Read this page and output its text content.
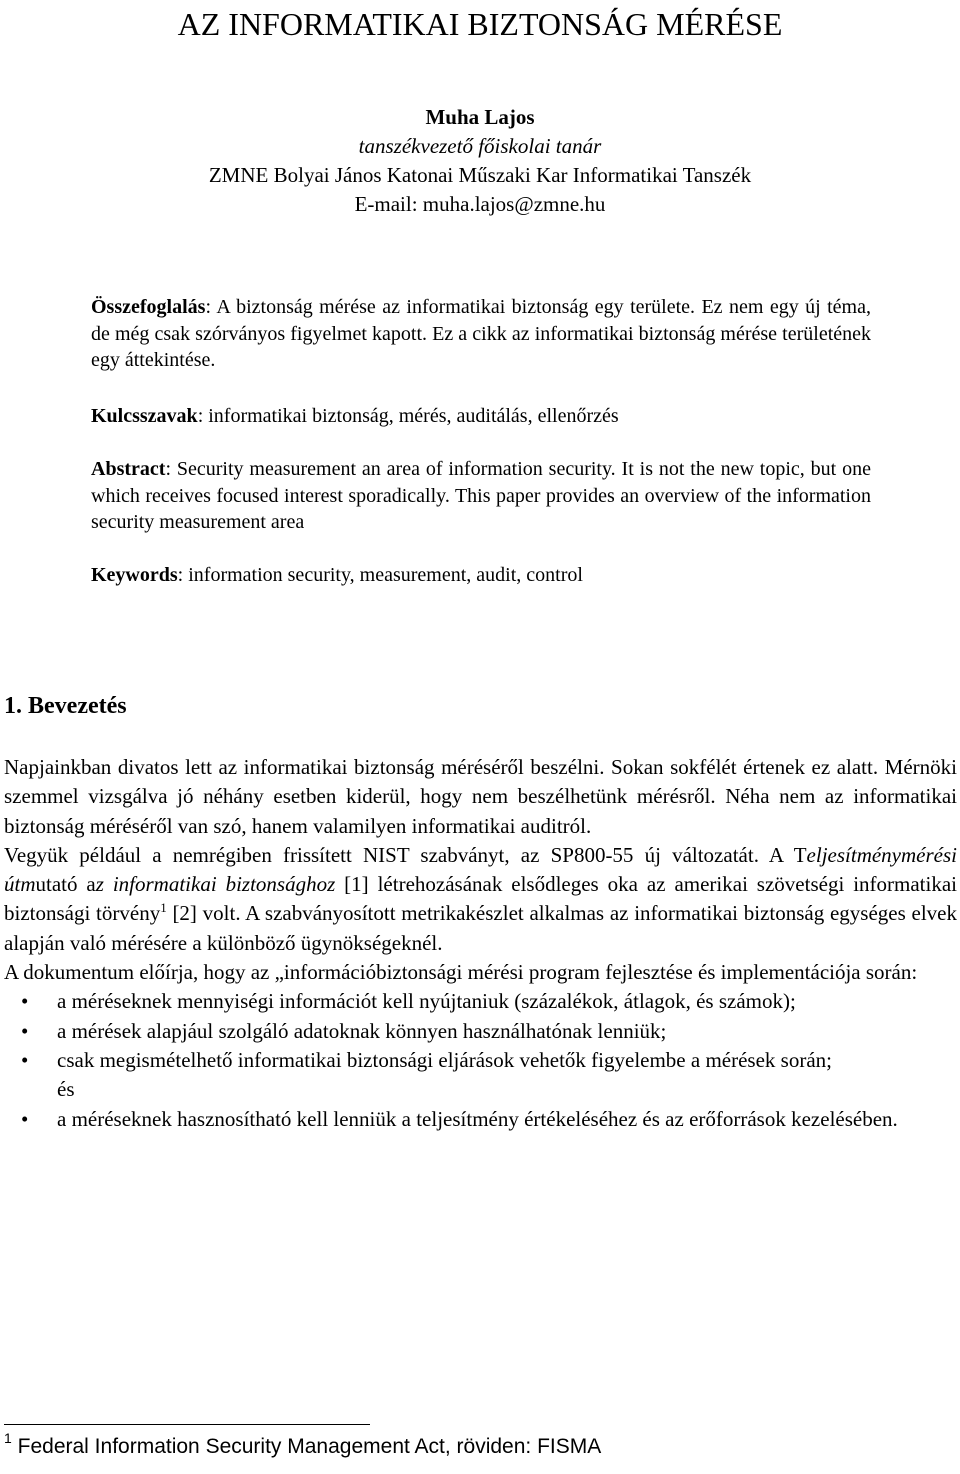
AZ INFORMATIKAI BIZTONSÁG MÉRÉSE
Muha Lajos
tanszékvezető főiskolai tanár
ZMNE Bolyai János Katonai Műszaki Kar Informatikai Tanszék
E-mail: muha.lajos@zmne.hu
Összefoglalás: A biztonság mérése az informatikai biztonság egy területe. Ez nem egy új téma, de még csak szórványos figyelmet kapott. Ez a cikk az informatikai biztonság mérése területének egy áttekintése.
Kulcsszavak: informatikai biztonság, mérés, auditálás, ellenőrzés
Abstract: Security measurement an area of information security. It is not the new topic, but one which receives focused interest sporadically. This paper provides an overview of the information security measurement area
Keywords: information security, measurement, audit, control
1. Bevezetés

Napjainkban divatos lett az informatikai biztonság méréséről beszélni. Sokan sokfélét értenek ez alatt. Mérnöki szemmel vizsgálva jó néhány esetben kiderül, hogy nem beszélhetünk mérésről. Néha nem az informatikai biztonság méréséről van szó, hanem valamilyen informatikai auditról.

Vegyük például a nemrégiben frissített NIST szabványt, az SP800-55 új változatát. A Teljesítménymérési útmutató az informatikai biztonsághoz [1] létrehozásának elsődleges oka az amerikai szövetségi informatikai biztonsági törvény$^1$ [2] volt. A szabványosított metrikakészlet alkalmas az informatikai biztonság egységes elvek alapján való mérésére a különböző ügynökségeknél.

A dokumentum előírja, hogy az „információbiztonsági mérési program fejlesztése és implementációja során:

• a méréseknek mennyiségi információt kell nyújtaniuk (százalékok, átlagok, és számok);
• a mérések alapjául szolgáló adatoknak könnyen használhatónak lenniük;
• csak megismételhető informatikai biztonsági eljárások vehetők figyelembe a mérések során;
és
• a méréseknek hasznosítható kell lenniük a teljesítmény értékeléséhez és az erőforrások kezelésében.
$^1$ Federal Information Security Management Act, röviden: FISMA
